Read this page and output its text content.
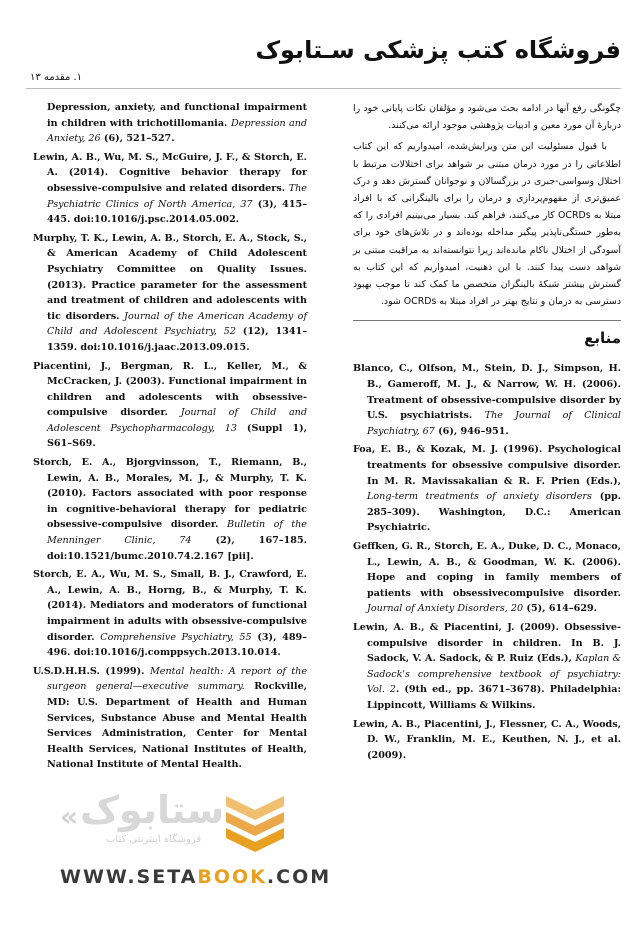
فروشگاه کتب پزشکی سـتابوک
۱. مقدمه ۱۳

Depression, anxiety, and functional impairment in children with trichotillomania. Depression and Anxiety, 26 (6), 521–527.

Lewin, A. B., Wu, M. S., McGuire, J. F., & Storch, E. A. (2014). Cognitive behavior therapy for obsessive-compulsive and related disorders. The Psychiatric Clinics of North America, 37 (3), 415–445. doi:10.1016/j.psc.2014.05.002.

Murphy, T. K., Lewin, A. B., Storch, E. A., Stock, S., & American Academy of Child Adolescent Psychiatry Committee on Quality Issues. (2013). Practice parameter for the assessment and treatment of children and adolescents with tic disorders. Journal of the American Academy of Child and Adolescent Psychiatry, 52 (12), 1341–1359. doi:10.1016/j.jaac.2013.09.015.

Piacentini, J., Bergman, R. L., Keller, M., & McCracken, J. (2003). Functional impairment in children and adolescents with obsessive-compulsive disorder. Journal of Child and Adolescent Psychopharmacology, 13 (Suppl 1), S61–S69.

Storch, E. A., Bjorgvinsson, T., Riemann, B., Lewin, A. B., Morales, M. J., & Murphy, T. K. (2010). Factors associated with poor response in cognitive-behavioral therapy for pediatric obsessive-compulsive disorder. Bulletin of the Menninger Clinic, 74 (2), 167–185. doi:10.1521/bumc.2010.74.2.167 [pii].

Storch, E. A., Wu, M. S., Small, B. J., Crawford, E. A., Lewin, A. B., Horng, B., & Murphy, T. K. (2014). Mediators and moderators of functional impairment in adults with obsessive-compulsive disorder. Comprehensive Psychiatry, 55 (3), 489–496. doi:10.1016/j.comppsych.2013.10.014.

U.S.D.H.H.S. (1999). Mental health: A report of the surgeon general—executive summary. Rockville, MD: U.S. Department of Health and Human Services, Substance Abuse and Mental Health Services Administration, Center for Mental Health Services, National Institutes of Health, National Institute of Mental Health.

چگونگی رفع آنها در ادامه بحث می‌شود و مؤلفان نکات پایانی خود را دربارهٔ آن مورد معین و ادبیات پژوهشی موجود ارائه می‌کنند.

با قبول مسئولیت این متن ویرایش‌شده، امیدواریم که این کتاب اطلاعاتی را در مورد درمان مبتنی بر شواهد برای اختلالات مرتبط با اختلال وسواسی-جبری در بزرگسالان و نوجوانان گسترش دهد و درک عمیق‌تری از مفهوم‌پردازی و درمان را برای بالینگرانی که با افراد مبتلا به OCRDs کار می‌کنند، فراهم کند. بسیار می‌بینیم افرادی را که به‌طور خستگی‌ناپذیر پیگیر مداخله بوده‌اند و در تلاش‌های خود برای آسودگی از اختلال ناکام مانده‌اند زیرا نتوانسته‌اند به مراقبت مبتنی بر شواهد دست پیدا کنند. با این ذهنیت، امیدواریم که این کتاب به گسترش بیشتر شبکهٔ بالینگران متخصص ما کمک کند تا موجب بهبود دسترسی به درمان و نتایج بهتر در افراد مبتلا به OCRDs شود.

منابع

Blanco, C., Olfson, M., Stein, D. J., Simpson, H. B., Gameroff, M. J., & Narrow, W. H. (2006). Treatment of obsessive-compulsive disorder by U.S. psychiatrists. The Journal of Clinical Psychiatry, 67 (6), 946–951.

Foa, E. B., & Kozak, M. J. (1996). Psychological treatments for obsessive compulsive disorder. In M. R. Mavissakalian & R. F. Prien (Eds.), Long-term treatments of anxiety disorders (pp. 285–309). Washington, D.C.: American Psychiatric.

Geffken, G. R., Storch, E. A., Duke, D. C., Monaco, L., Lewin, A. B., & Goodman, W. K. (2006). Hope and coping in family members of patients with obsessivecompulsive disorder. Journal of Anxiety Disorders, 20 (5), 614–629.

Lewin, A. B., & Piacentini, J. (2009). Obsessive-compulsive disorder in children. In B. J. Sadock, V. A. Sadock, & P. Ruiz (Eds.), Kaplan & Sadock's comprehensive textbook of psychiatry: Vol. 2. (9th ed., pp. 3671–3678). Philadelphia: Lippincott, Williams & Wilkins.

Lewin, A. B., Piacentini, J., Flessner, C. A., Woods, D. W., Franklin, M. E., Keuthen, N. J., et al. (2009).

« ستابوک
فروشگاه اینترنتی کتاب
WWW.SETABOOK.COM
